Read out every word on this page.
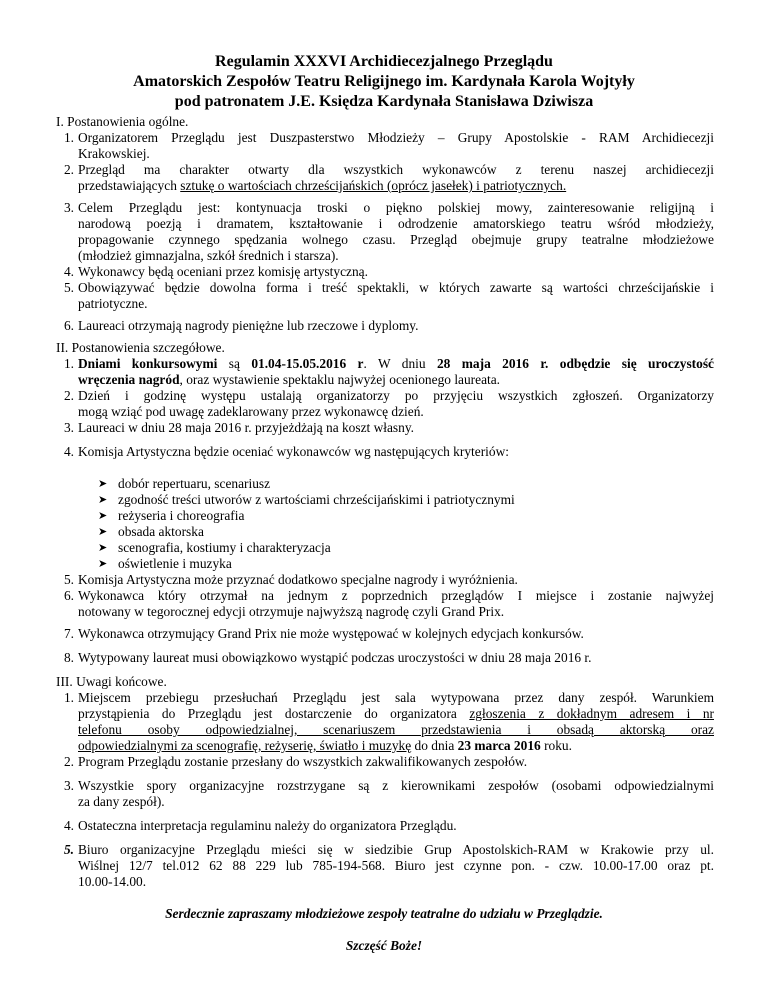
Regulamin XXXVI Archidiecezjalnego Przeglądu
Amatorskich Zespołów Teatru Religijnego im. Kardynała Karola Wojtyły
pod patronatem J.E. Księdza Kardynała Stanisława Dziwisza
I. Postanowienia ogólne.
1. Organizatorem Przeglądu jest Duszpasterstwo Młodzieży – Grupy Apostolskie - RAM Archidiecezji
Krakowskiej.
2. Przegląd ma charakter otwarty dla wszystkich wykonawców z terenu naszej archidiecezji
przedstawiających sztukę o wartościach chrześcijańskich (oprócz jasełek) i patriotycznych.
3. Celem Przeglądu jest: kontynuacja troski o piękno polskiej mowy, zainteresowanie religijną i
narodową poezją i dramatem, kształtowanie i odrodzenie amatorskiego teatru wśród młodzieży,
propagowanie czynnego spędzania wolnego czasu. Przegląd obejmuje grupy teatralne młodzieżowe
(młodzież gimnazjalna, szkół średnich i starsza).
4. Wykonawcy będą oceniani przez komisję artystyczną.
5. Obowiązywać będzie dowolna forma i treść spektakli, w których zawarte są wartości chrześcijańskie i
patriotyczne.
6. Laureaci otrzymają nagrody pieniężne lub rzeczowe i dyplomy.
II. Postanowienia szczegółowe.
1. Dniami konkursowymi są 01.04-15.05.2016 r. W dniu 28 maja 2016 r. odbędzie się uroczystość
wręczenia nagród, oraz wystawienie spektaklu najwyżej ocenionego laureata.
2. Dzień i godzinę występu ustalają organizatorzy po przyjęciu wszystkich zgłoszeń. Organizatorzy
mogą wziąć pod uwagę zadeklarowany przez wykonawcę dzień.
3. Laureaci w dniu 28 maja 2016 r. przyjeżdżają na koszt własny.
4. Komisja Artystyczna będzie oceniać wykonawców wg następujących kryteriów:
➤ dobór repertuaru, scenariusz
➤ zgodność treści utworów z wartościami chrześcijańskimi i patriotycznymi
➤ reżyseria i choreografia
➤ obsada aktorska
➤ scenografia, kostiumy i charakteryzacja
➤ oświetlenie i muzyka
5. Komisja Artystyczna może przyznać dodatkowo specjalne nagrody i wyróżnienia.
6. Wykonawca który otrzymał na jednym z poprzednich przeglądów I miejsce i zostanie najwyżej
notowany w tegorocznej edycji otrzymuje najwyższą nagrodę czyli Grand Prix.
7. Wykonawca otrzymujący Grand Prix nie może występować w kolejnych edycjach konkursów.
8. Wytypowany laureat musi obowiązkowo wystąpić podczas uroczystości w dniu 28 maja 2016 r.
III. Uwagi końcowe.
1. Miejscem przebiegu przesłuchań Przeglądu jest sala wytypowana przez dany zespół. Warunkiem
przystąpienia do Przeglądu jest dostarczenie do organizatora zgłoszenia z dokładnym adresem i nr
telefonu osoby odpowiedzialnej, scenariuszem przedstawienia i obsadą aktorską oraz
odpowiedzialnymi za scenografię, reżyserię, światło i muzykę do dnia 23 marca 2016 roku.
2. Program Przeglądu zostanie przesłany do wszystkich zakwalifikowanych zespołów.
3. Wszystkie spory organizacyjne rozstrzygane są z kierownikami zespołów (osobami odpowiedzialnymi
za dany zespół).
4. Ostateczna interpretacja regulaminu należy do organizatora Przeglądu.
5. Biuro organizacyjne Przeglądu mieści się w siedzibie Grup Apostolskich-RAM w Krakowie przy ul.
Wiślnej 12/7 tel.012 62 88 229 lub 785-194-568. Biuro jest czynne pon. - czw. 10.00-17.00 oraz pt.
10.00-14.00.
Serdecznie zapraszamy młodzieżowe zespoły teatralne do udziału w Przeglądzie.
Szczęść Boże!
